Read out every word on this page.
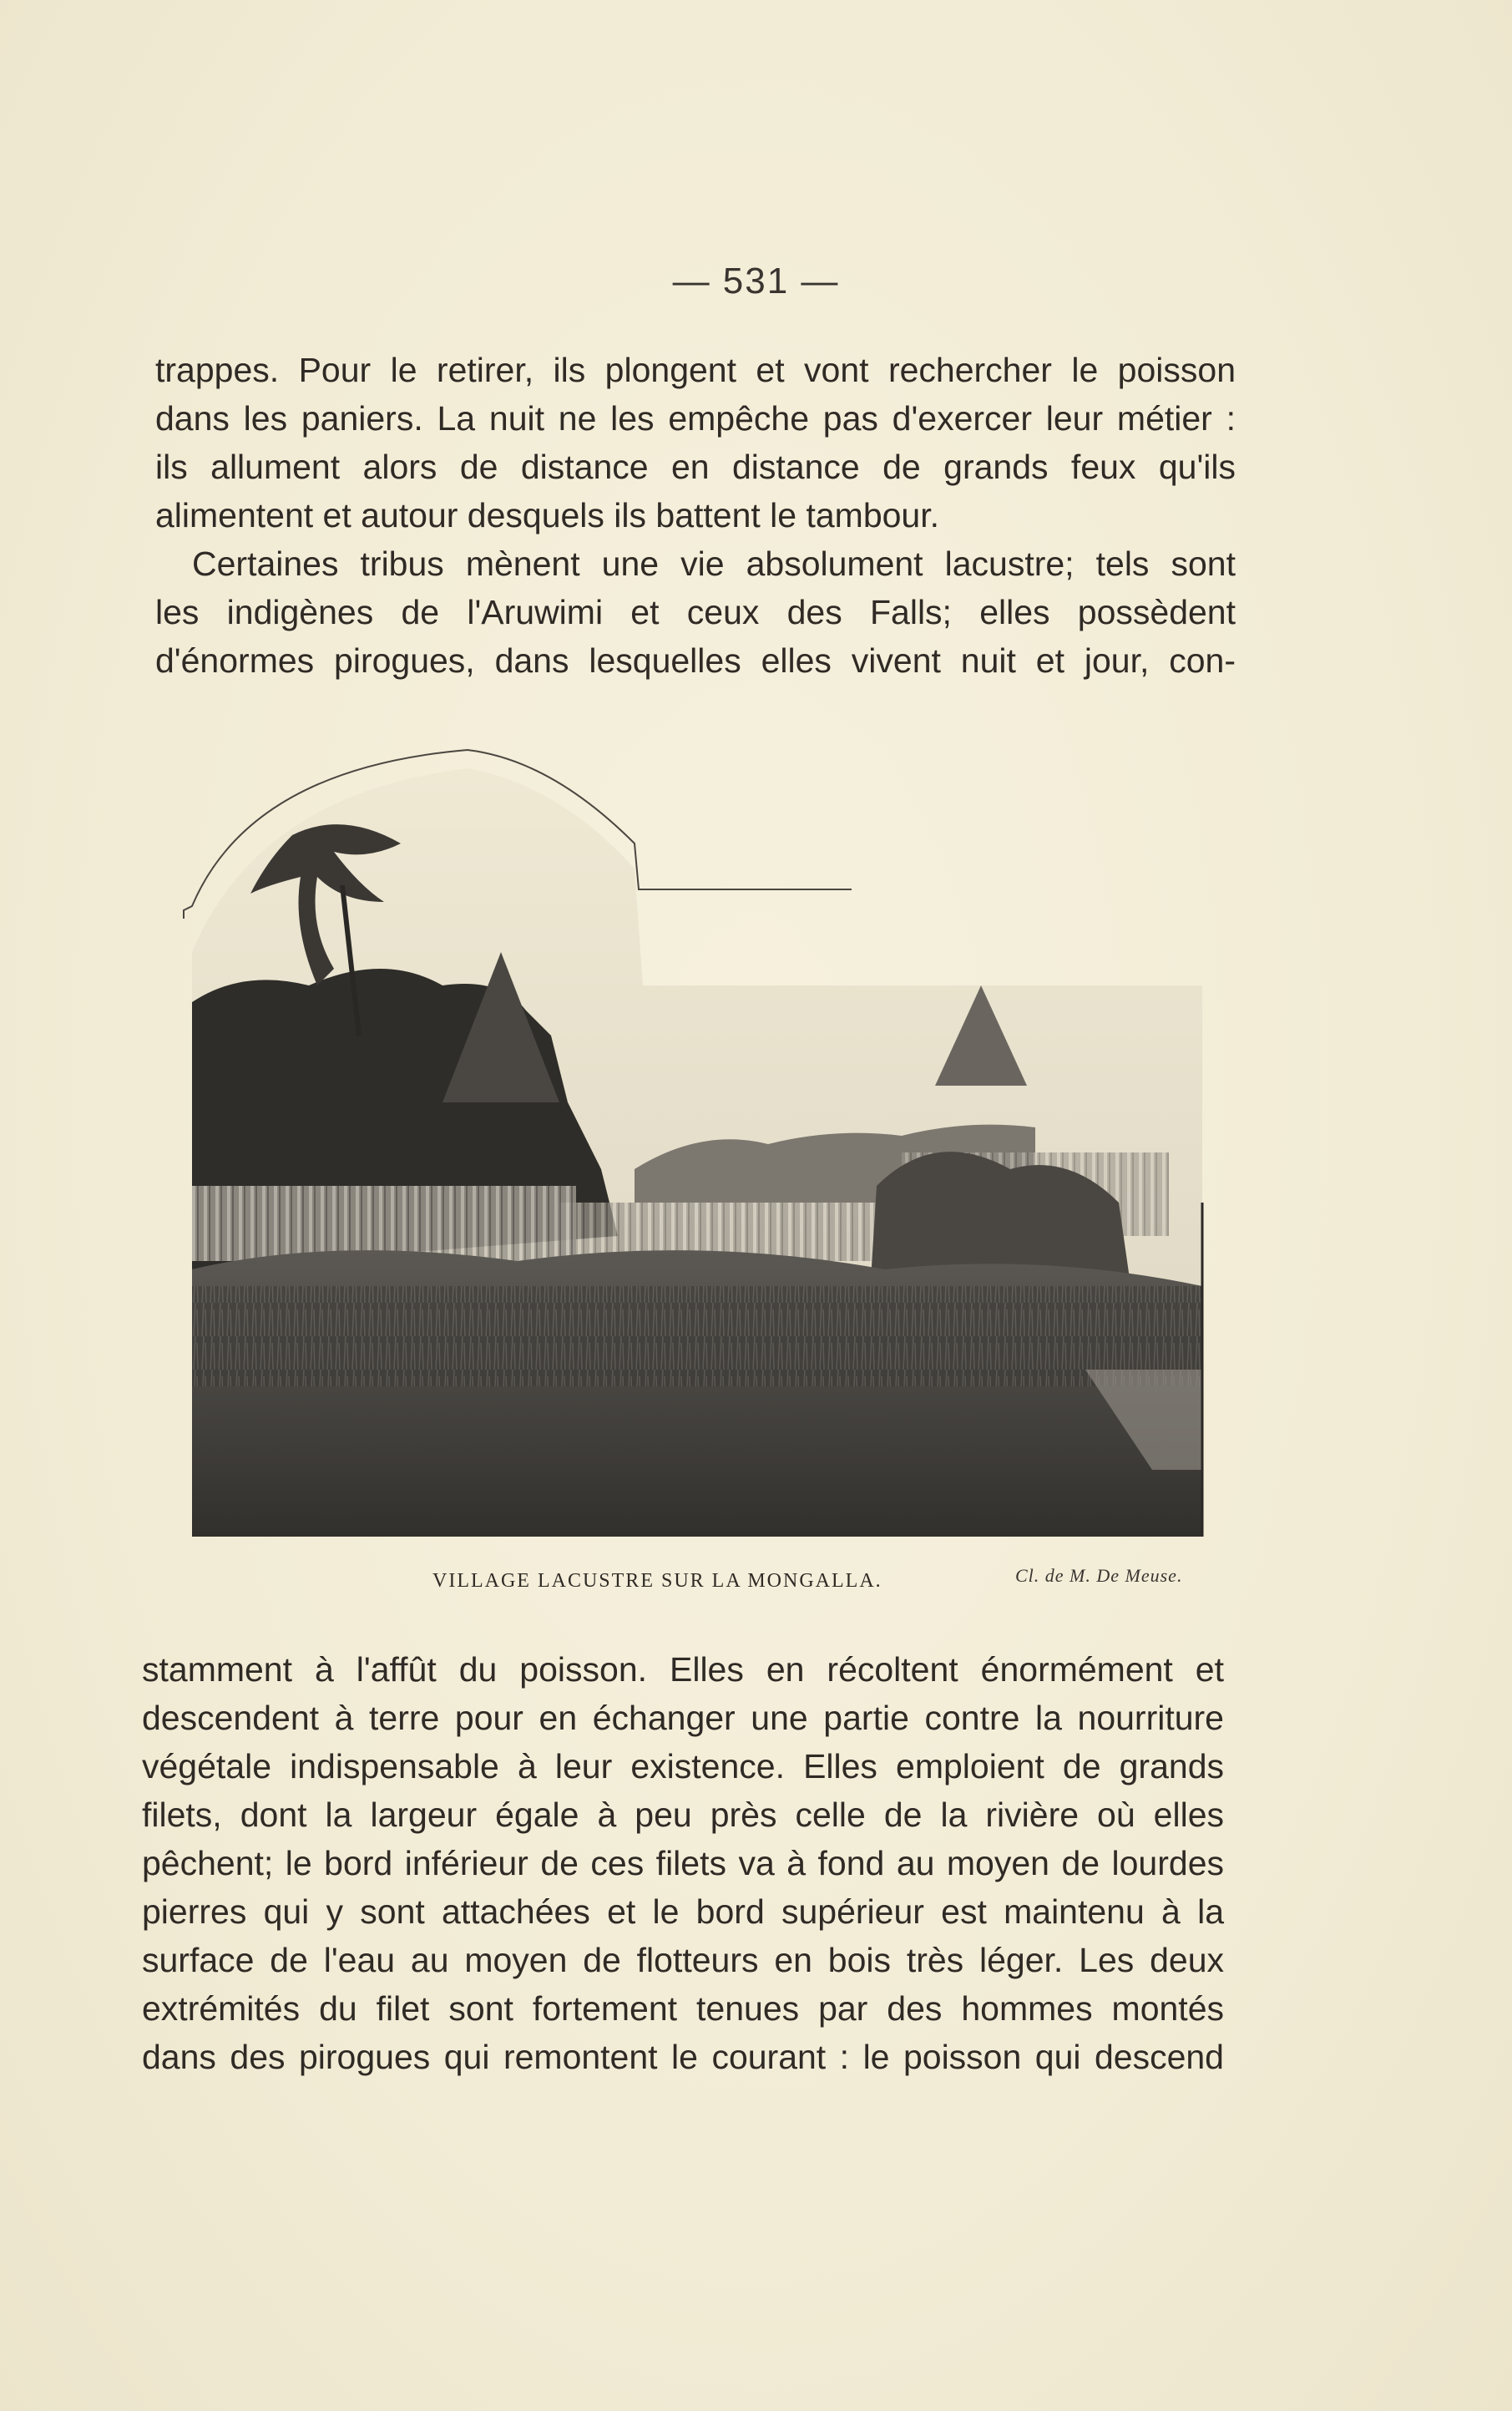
— 531 —
trappes. Pour le retirer, ils plongent et vont rechercher le poisson
dans les paniers. La nuit ne les empêche pas d'exercer leur métier :
ils allument alors de distance en distance de grands feux qu'ils
alimentent et autour desquels ils battent le tambour.
Certaines tribus mènent une vie absolument lacustre; tels sont
les indigènes de l'Aruwimi et ceux des Falls; elles possèdent
d'énormes pirogues, dans lesquelles elles vivent nuit et jour, con-
VILLAGE LACUSTRE SUR LA MONGALLA.	Cl. de M. De Meuse.
stamment à l'affût du poisson. Elles en récoltent énormément et
descendent à terre pour en échanger une partie contre la nourriture
végétale indispensable à leur existence. Elles emploient de grands
filets, dont la largeur égale à peu près celle de la rivière où elles
pêchent; le bord inférieur de ces filets va à fond au moyen de lourdes
pierres qui y sont attachées et le bord supérieur est maintenu à la
surface de l'eau au moyen de flotteurs en bois très léger. Les deux
extrémités du filet sont fortement tenues par des hommes montés
dans des pirogues qui remontent le courant : le poisson qui descend
